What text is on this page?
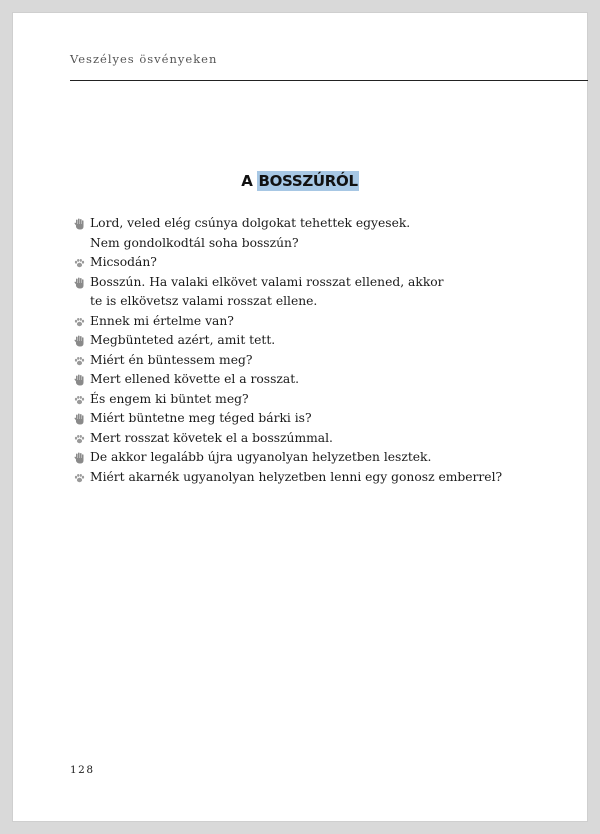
Veszélyes ösvényeken
A BOSSZÚRÓL
Lord, veled elég csúnya dolgokat tehettek egyesek.
Nem gondolkodtál soha bosszún?
Micsodán?
Bosszún. Ha valaki elkövet valami rosszat ellened, akkor
te is elkövetsz valami rosszat ellene.
Ennek mi értelme van?
Megbünteted azért, amit tett.
Miért én büntessem meg?
Mert ellened követte el a rosszat.
És engem ki büntet meg?
Miért büntetne meg téged bárki is?
Mert rosszat követek el a bosszúmmal.
De akkor legalább újra ugyanolyan helyzetben lesztek.
Miért akarnék ugyanolyan helyzetben lenni egy gonosz emberrel?
128
